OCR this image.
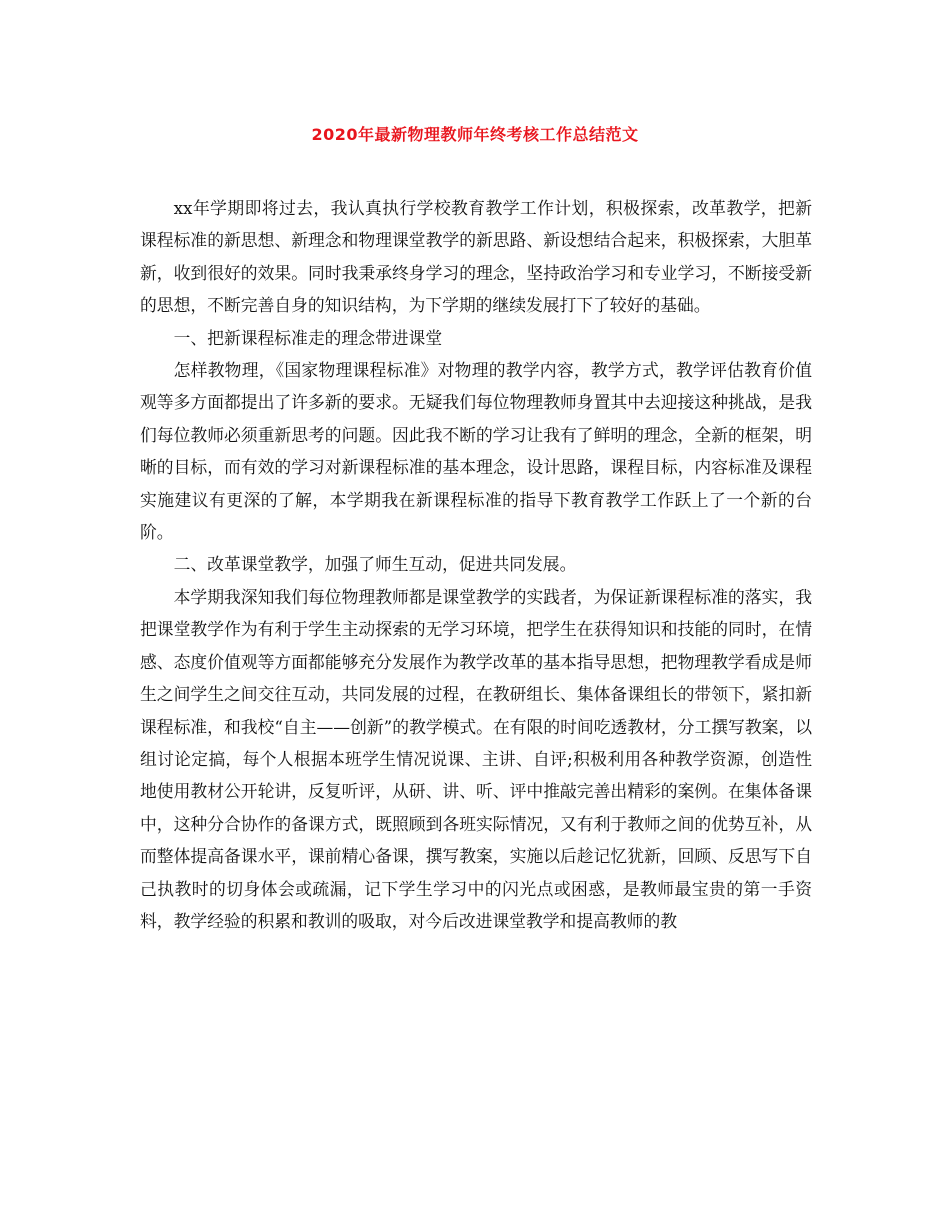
2020年最新物理教师年终考核工作总结范文

xx年学期即将过去，我认真执行学校教育教学工作计划，积极探索，改革教学，把新课程标准的新思想、新理念和物理课堂教学的新思路、新设想结合起来，积极探索，大胆革新，收到很好的效果。同时我秉承终身学习的理念，坚持政治学习和专业学习，不断接受新的思想，不断完善自身的知识结构，为下学期的继续发展打下了较好的基础。

一、把新课程标准走的理念带进课堂

怎样教物理，《国家物理课程标准》对物理的教学内容，教学方式，教学评估教育价值观等多方面都提出了许多新的要求。无疑我们每位物理教师身置其中去迎接这种挑战，是我们每位教师必须重新思考的问题。因此我不断的学习让我有了鲜明的理念，全新的框架，明晰的目标，而有效的学习对新课程标准的基本理念，设计思路，课程目标，内容标准及课程实施建议有更深的了解，本学期我在新课程标准的指导下教育教学工作跃上了一个新的台阶。

二、改革课堂教学，加强了师生互动，促进共同发展。

本学期我深知我们每位物理教师都是课堂教学的实践者，为保证新课程标准的落实，我把课堂教学作为有利于学生主动探索的无学习环境，把学生在获得知识和技能的同时，在情感、态度价值观等方面都能够充分发展作为教学改革的基本指导思想，把物理教学看成是师生之间学生之间交往互动，共同发展的过程，在教研组长、集体备课组长的带领下，紧扣新课程标准，和我校“自主——创新”的教学模式。在有限的时间吃透教材，分工撰写教案，以组讨论定搞，每个人根据本班学生情况说课、主讲、自评;积极利用各种教学资源，创造性地使用教材公开轮讲，反复听评，从研、讲、听、评中推敲完善出精彩的案例。在集体备课中，这种分合协作的备课方式，既照顾到各班实际情况，又有利于教师之间的优势互补，从而整体提高备课水平，课前精心备课，撰写教案，实施以后趁记忆犹新，回顾、反思写下自己执教时的切身体会或疏漏，记下学生学习中的闪光点或困惑，是教师最宝贵的第一手资料，教学经验的积累和教训的吸取，对今后改进课堂教学和提高教师的教
